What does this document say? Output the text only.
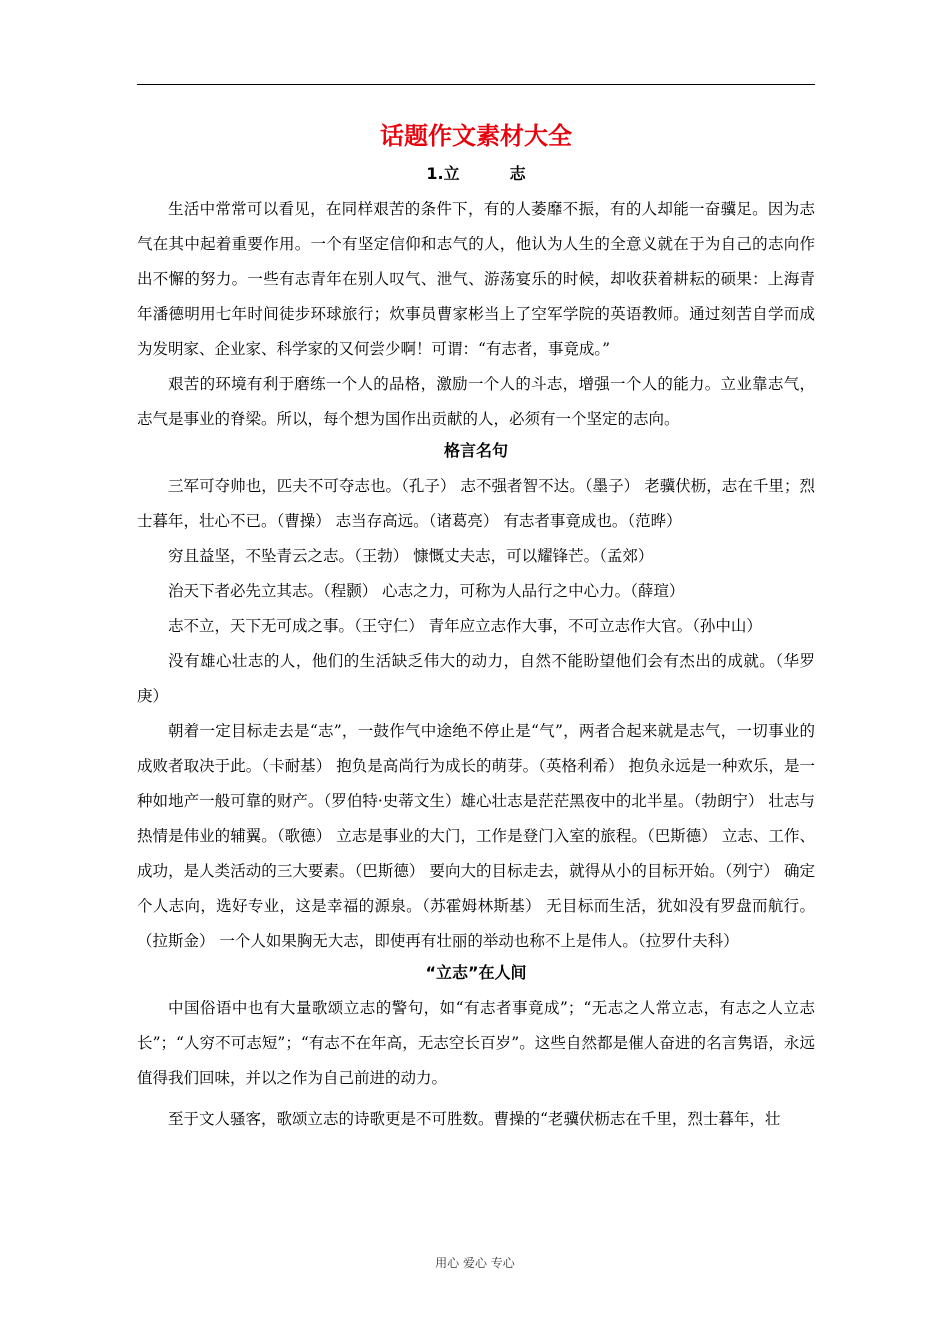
话题作文素材大全
1.立	志

生活中常常可以看见，在同样艰苦的条件下，有的人萎靡不振，有的人却能一奋骥足。因为志气在其中起着重要作用。一个有坚定信仰和志气的人，他认为人生的全意义就在于为自己的志向作出不懈的努力。一些有志青年在别人叹气、泄气、游荡宴乐的时候，却收获着耕耘的硕果：上海青年潘德明用七年时间徒步环球旅行；炊事员曹家彬当上了空军学院的英语教师。通过刻苦自学而成为发明家、企业家、科学家的又何尝少啊！可谓：“有志者，事竟成。”

艰苦的环境有利于磨练一个人的品格，激励一个人的斗志，增强一个人的能力。立业靠志气，志气是事业的脊梁。所以，每个想为国作出贡献的人，必须有一个坚定的志向。

格言名句

三军可夺帅也，匹夫不可夺志也。（孔子） 志不强者智不达。（墨子） 老骥伏枥，志在千里；烈士暮年，壮心不已。（曹操） 志当存高远。（诸葛亮） 有志者事竟成也。（范晔）

穷且益坚，不坠青云之志。（王勃） 慷慨丈夫志，可以耀锋芒。（孟郊）

治天下者必先立其志。（程颢） 心志之力，可称为人品行之中心力。（薛瑄）

志不立，天下无可成之事。（王守仁） 青年应立志作大事，不可立志作大官。（孙中山）

没有雄心壮志的人，他们的生活缺乏伟大的动力，自然不能盼望他们会有杰出的成就。（华罗庚）

朝着一定目标走去是“志”，一鼓作气中途绝不停止是“气”，两者合起来就是志气，一切事业的成败者取决于此。（卡耐基） 抱负是高尚行为成长的萌芽。（英格利希） 抱负永远是一种欢乐，是一种如地产一般可靠的财产。（罗伯特·史蒂文生）雄心壮志是茫茫黑夜中的北半星。（勃朗宁） 壮志与热情是伟业的辅翼。（歌德） 立志是事业的大门，工作是登门入室的旅程。（巴斯德） 立志、工作、成功，是人类活动的三大要素。（巴斯德） 要向大的目标走去，就得从小的目标开始。（列宁） 确定个人志向，选好专业，这是幸福的源泉。（苏霍姆林斯基） 无目标而生活，犹如没有罗盘而航行。（拉斯金） 一个人如果胸无大志，即使再有壮丽的举动也称不上是伟人。（拉罗什夫科）

“立志”在人间

中国俗语中也有大量歌颂立志的警句，如“有志者事竟成”；“无志之人常立志，有志之人立志长”；“人穷不可志短”；“有志不在年高，无志空长百岁”。这些自然都是催人奋进的名言隽语，永远值得我们回味，并以之作为自己前进的动力。

至于文人骚客，歌颂立志的诗歌更是不可胜数。曹操的“老骥伏枥志在千里，烈士暮年，壮

用心 爱心 专心
